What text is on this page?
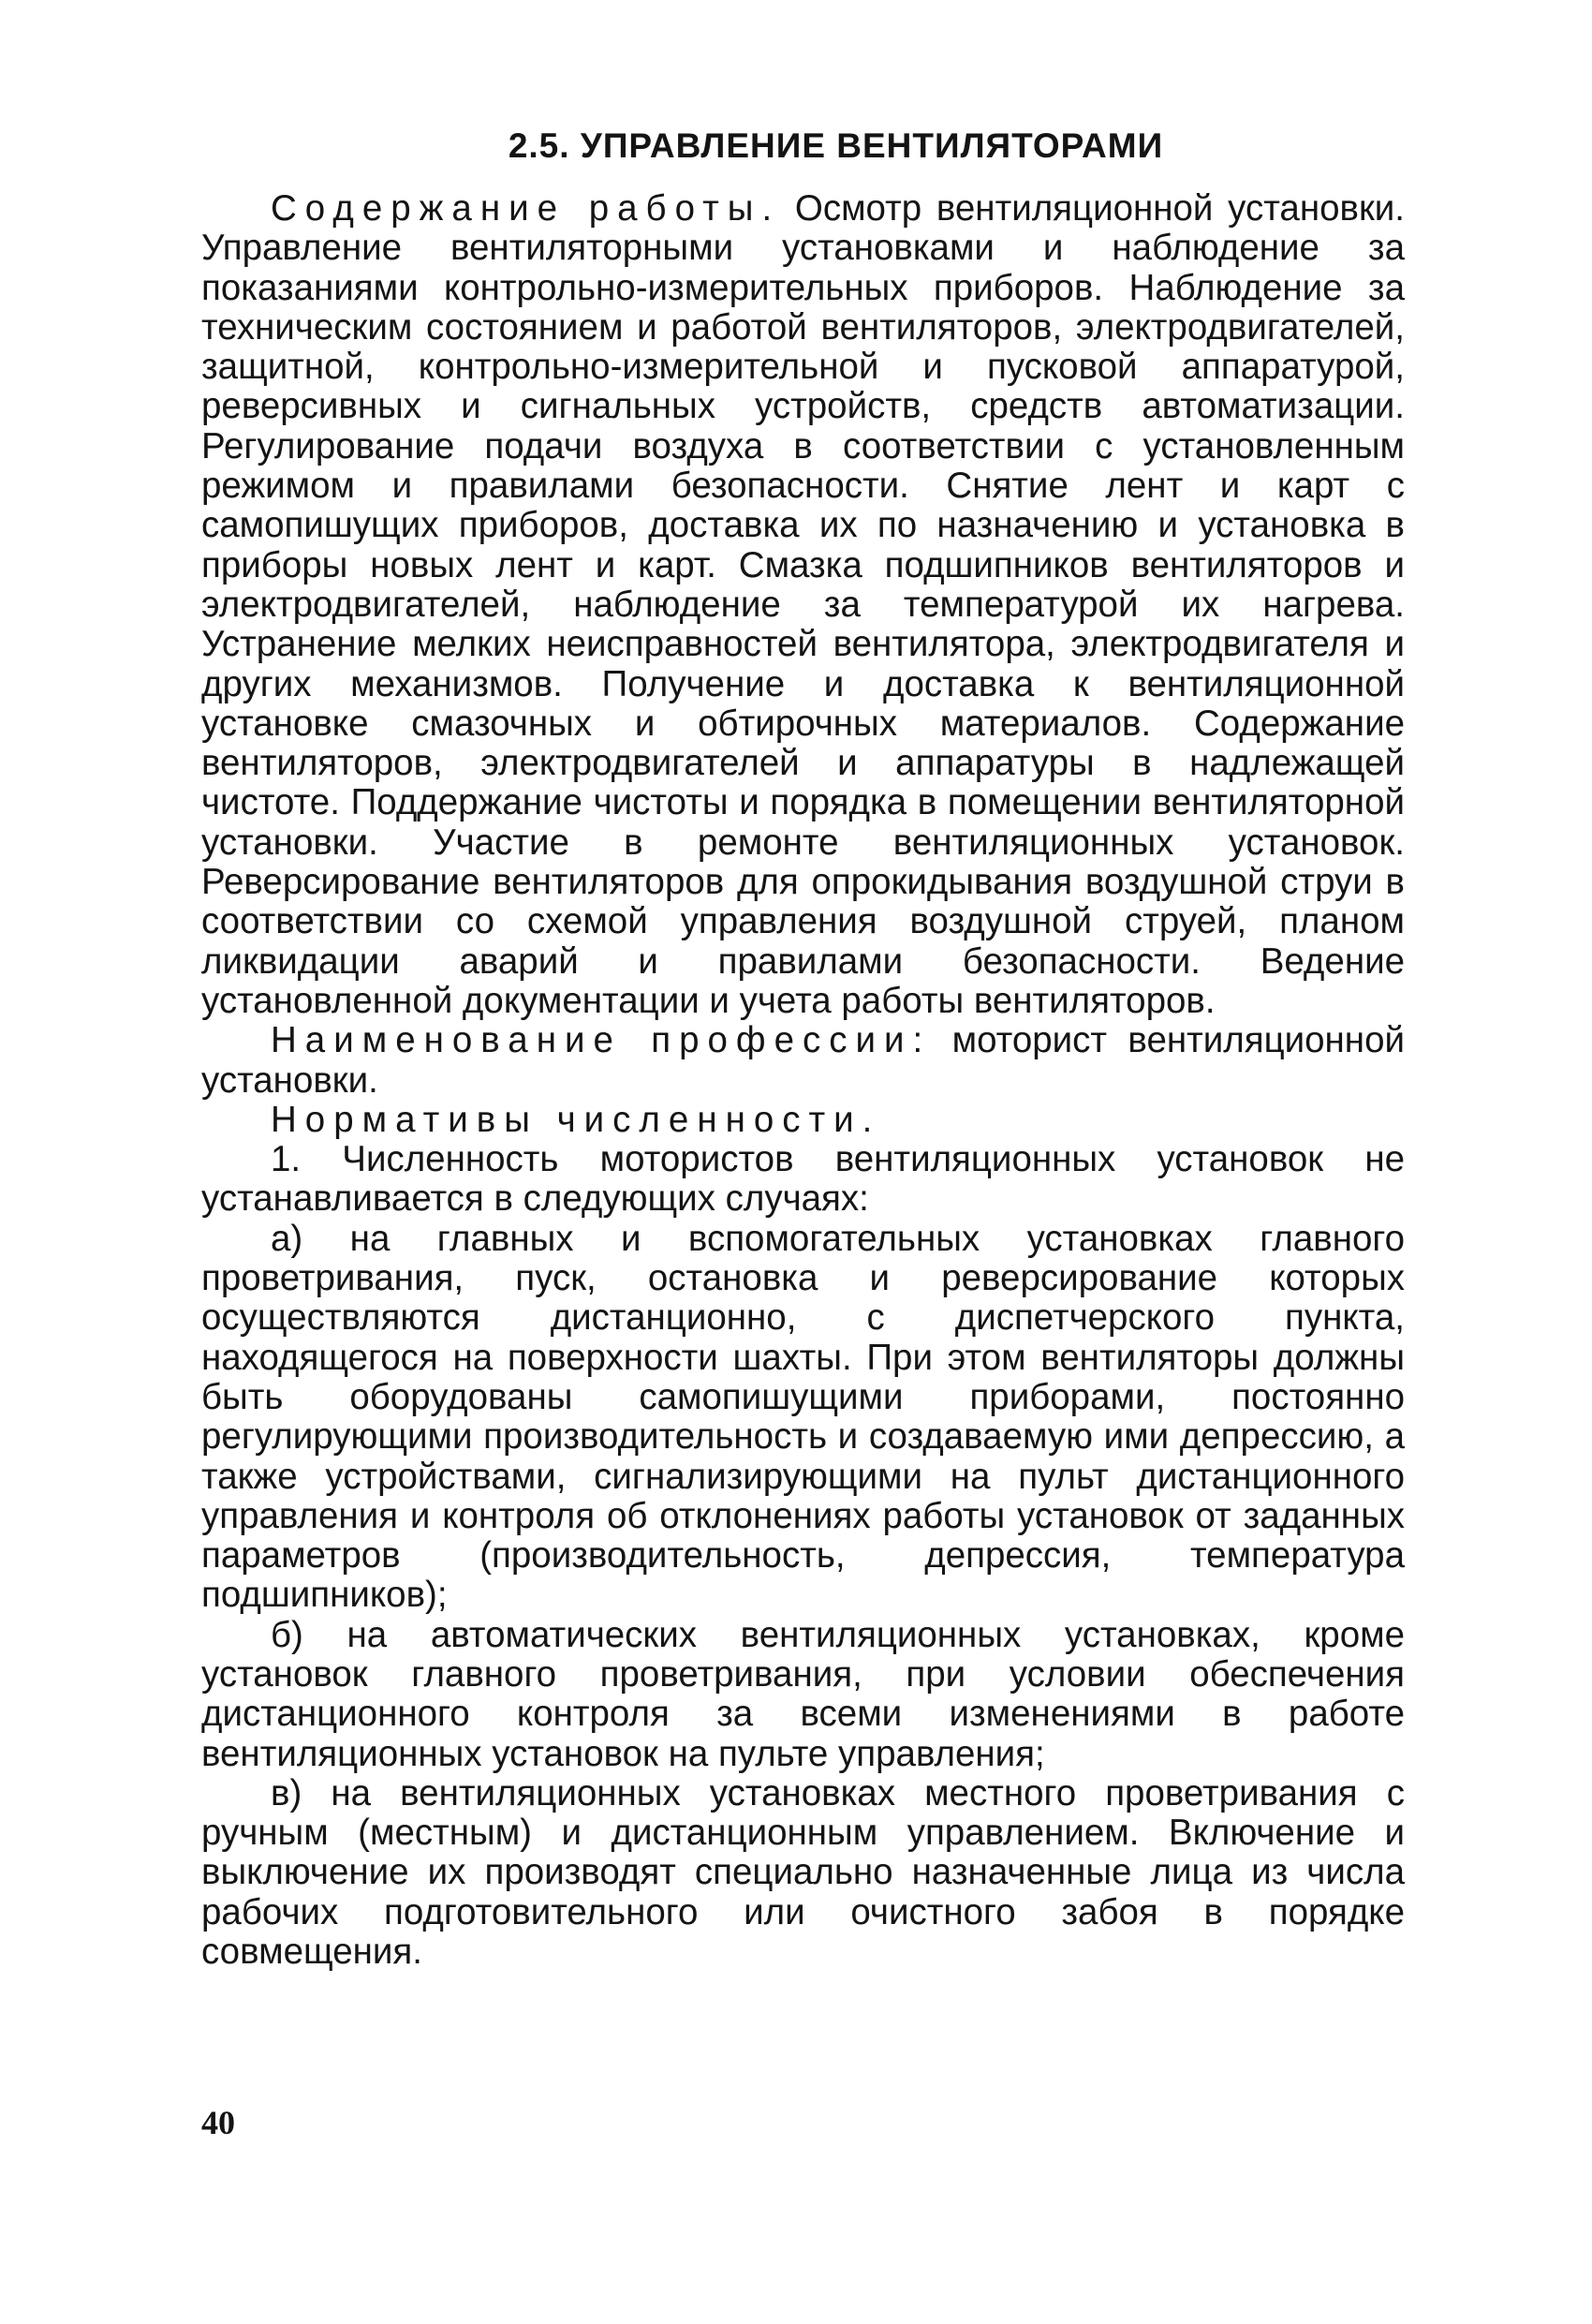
2.5. УПРАВЛЕНИЕ ВЕНТИЛЯТОРАМИ

Содержание работы. Осмотр вентиляционной установки. Управление вентиляторными установками и наблюдение за показаниями контрольно-измерительных приборов. Наблюдение за техническим состоянием и работой вентиляторов, электродвигателей, защитной, контрольно-измерительной и пусковой аппаратурой, реверсивных и сигнальных устройств, средств автоматизации. Регулирование подачи воздуха в соответствии с установленным режимом и правилами безопасности. Снятие лент и карт с самопишущих приборов, доставка их по назначению и установка в приборы новых лент и карт. Смазка подшипников вентиляторов и электродвигателей, наблюдение за температурой их нагрева. Устранение мелких неисправностей вентилятора, электродвигателя и других механизмов. Получение и доставка к вентиляционной установке смазочных и обтирочных материалов. Содержание вентиляторов, электродвигателей и аппаратуры в надлежащей чистоте. Поддержание чистоты и порядка в помещении вентиляторной установки. Участие в ремонте вентиляционных установок. Реверсирование вентиляторов для опрокидывания воздушной струи в соответствии со схемой управления воздушной струей, планом ликвидации аварий и правилами безопасности. Ведение установленной документации и учета работы вентиляторов.

Наименование профессии: моторист вентиляционной установки.

Нормативы численности.

1. Численность мотористов вентиляционных установок не устанавливается в следующих случаях:

а) на главных и вспомогательных установках главного проветривания, пуск, остановка и реверсирование которых осуществляются дистанционно, с диспетчерского пункта, находящегося на поверхности шахты. При этом вентиляторы должны быть оборудованы самопишущими приборами, постоянно регулирующими производительность и создаваемую ими депрессию, а также устройствами, сигнализирующими на пульт дистанционного управления и контроля об отклонениях работы установок от заданных параметров (производительность, депрессия, температура подшипников);

б) на автоматических вентиляционных установках, кроме установок главного проветривания, при условии обеспечения дистанционного контроля за всеми изменениями в работе вентиляционных установок на пульте управления;

в) на вентиляционных установках местного проветривания с ручным (местным) и дистанционным управлением. Включение и выключение их производят специально назначенные лица из числа рабочих подготовительного или очистного забоя в порядке совмещения.

40
